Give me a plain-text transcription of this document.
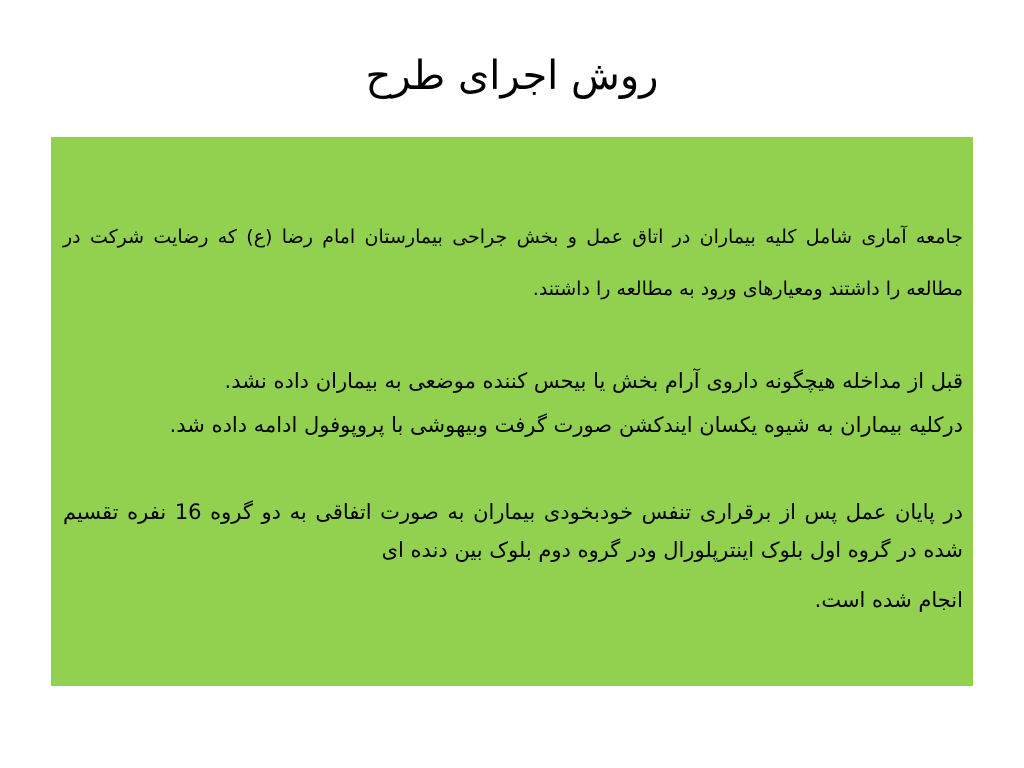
روش اجرای طرح

جامعه آماری شامل کلیه بیماران در اتاق عمل و بخش جراحی بیمارستان امام رضا (ع) که رضایت شرکت در مطالعه را داشتند ومعیارهای ورود به مطالعه را داشتند.

قبل از مداخله هیچگونه داروی آرام بخش یا بیحس کننده موضعی به بیماران داده نشد.

درکلیه بیماران به شیوه یکسان ایندکشن صورت گرفت وبیهوشی با پروپوفول ادامه داده شد.

در پایان عمل پس از برقراری تنفس خودبخودی بیماران به صورت اتفاقی به دو گروه 16 نفره تقسیم شده در گروه اول بلوک اینترپلورال ودر گروه دوم بلوک بین دنده ای
انجام شده است.
